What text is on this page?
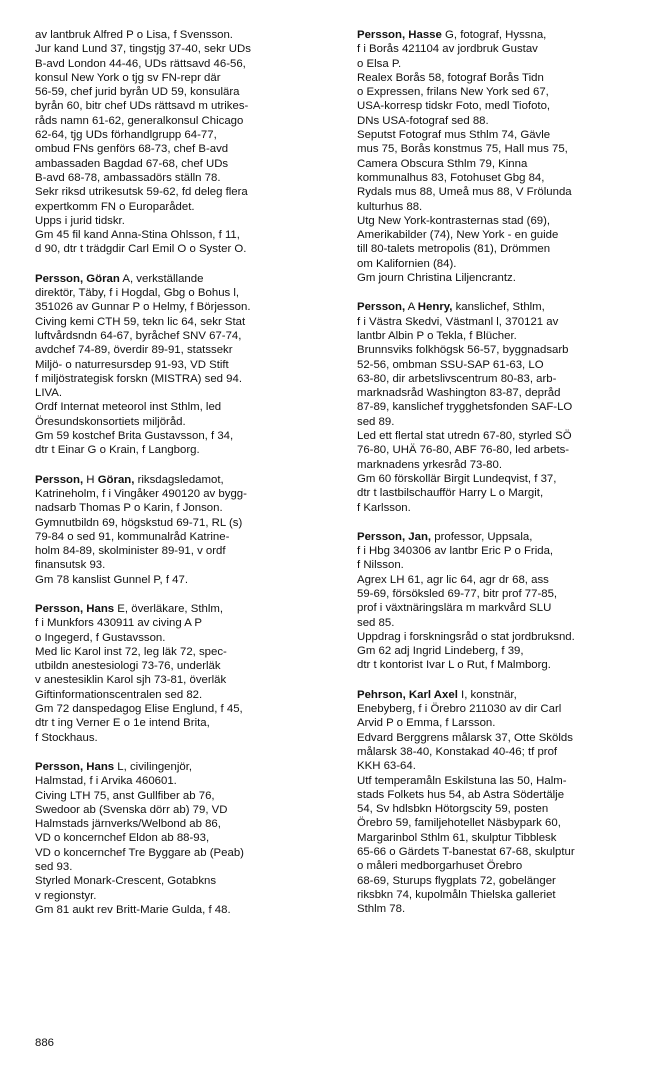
av lantbruk Alfred P o Lisa, f Svensson.
Jur kand Lund 37, tingstjg 37-40, sekr UDs
B-avd London 44-46, UDs rättsavd 46-56,
konsul New York o tjg sv FN-repr där
56-59, chef jurid byrån UD 59, konsulära
byrån 60, bitr chef UDs rättsavd m utrikes-
råds namn 61-62, generalkonsul Chicago
62-64, tjg UDs förhandlgrupp 64-77,
ombud FNs genförs 68-73, chef B-avd
ambassaden Bagdad 67-68, chef UDs
B-avd 68-78, ambassadörs ställn 78.
Sekr riksd utrikesutsk 59-62, fd deleg flera
expertkomm FN o Europarådet.
Upps i jurid tidskr.
Gm 45 fil kand Anna-Stina Ohlsson, f 11,
d 90, dtr t trädgdir Carl Emil O o Syster O.
Persson, Göran A, verkställande
direktör, Täby, f i Hogdal, Gbg o Bohus l,
351026 av Gunnar P o Helmy, f Börjesson.
Civing kemi CTH 59, tekn lic 64, sekr Stat
luftvårdsndn 64-67, byråchef SNV 67-74,
avdchef 74-89, överdir 89-91, statssekr
Miljö- o naturresursdep 91-93, VD Stift
f miljöstrategisk forskn (MISTRA) sed 94.
LIVA.
Ordf Internat meteorol inst Sthlm, led
Öresundskonsortiets miljöråd.
Gm 59 kostchef Brita Gustavsson, f 34,
dtr t Einar G o Krain, f Langborg.
Persson, H Göran, riksdagsledamot,
Katrineholm, f i Vingåker 490120 av bygg-
nadsarb Thomas P o Karin, f Jonson.
Gymnutbildn 69, högskstud 69-71, RL (s)
79-84 o sed 91, kommunalråd Katrine-
holm 84-89, skolminister 89-91, v ordf
finansutsk 93.
Gm 78 kanslist Gunnel P, f 47.
Persson, Hans E, överläkare, Sthlm,
f i Munkfors 430911 av civing A P
o Ingegerd, f Gustavsson.
Med lic Karol inst 72, leg läk 72, spec-
utbildn anestesiologi 73-76, underläk
v anestesiklin Karol sjh 73-81, överläk
Giftinformationscentralen sed 82.
Gm 72 danspedagog Elise Englund, f 45,
dtr t ing Verner E o 1e intend Brita,
f Stockhaus.
Persson, Hans L, civilingenjör,
Halmstad, f i Arvika 460601.
Civing LTH 75, anst Gullfiber ab 76,
Swedoor ab (Svenska dörr ab) 79, VD
Halmstads järnverks/Welbond ab 86,
VD o koncernchef Eldon ab 88-93,
VD o koncernchef Tre Byggare ab (Peab)
sed 93.
Styrled Monark-Crescent, Gotabkns
v regionstyr.
Gm 81 aukt rev Britt-Marie Gulda, f 48.
Persson, Hasse G, fotograf, Hyssna,
f i Borås 421104 av jordbruk Gustav
o Elsa P.
Realex Borås 58, fotograf Borås Tidn
o Expressen, frilans New York sed 67,
USA-korresp tidskr Foto, medl Tiofoto,
DNs USA-fotograf sed 88.
Seputst Fotograf mus Sthlm 74, Gävle
mus 75, Borås konstmus 75, Hall mus 75,
Camera Obscura Sthlm 79, Kinna
kommunalhus 83, Fotohuset Gbg 84,
Rydals mus 88, Umeå mus 88, V Frölunda
kulturhus 88.
Utg New York-kontrasternas stad (69),
Amerikabilder (74), New York - en guide
till 80-talets metropolis (81), Drömmen
om Kalifornien (84).
Gm journ Christina Liljencrantz.
Persson, A Henry, kanslichef, Sthlm,
f i Västra Skedvi, Västmanl l, 370121 av
lantbr Albin P o Tekla, f Blücher.
Brunnsviks folkhögsk 56-57, byggnadsarb
52-56, ombman SSU-SAP 61-63, LO
63-80, dir arbetslivscentrum 80-83, arb-
marknadsråd Washington 83-87, depråd
87-89, kanslichef trygghetsfonden SAF-LO
sed 89.
Led ett flertal stat utredn 67-80, styrled SÖ
76-80, UHÄ 76-80, ABF 76-80, led arbets-
marknadens yrkesråd 73-80.
Gm 60 förskollär Birgit Lundeqvist, f 37,
dtr t lastbilschaufför Harry L o Margit,
f Karlsson.
Persson, Jan, professor, Uppsala,
f i Hbg 340306 av lantbr Eric P o Frida,
f Nilsson.
Agrex LH 61, agr lic 64, agr dr 68, ass
59-69, försöksled 69-77, bitr prof 77-85,
prof i växtnäringslära m markvård SLU
sed 85.
Uppdrag i forskningsråd o stat jordbruksnd.
Gm 62 adj Ingrid Lindeberg, f 39,
dtr t kontorist Ivar L o Rut, f Malmborg.
Pehrson, Karl Axel I, konstnär,
Enebyberg, f i Örebro 211030 av dir Carl
Arvid P o Emma, f Larsson.
Edvard Berggrens målarsk 37, Otte Skölds
målarsk 38-40, Konstakad 40-46; tf prof
KKH 63-64.
Utf temperamåln Eskilstuna las 50, Halm-
stads Folkets hus 54, ab Astra Södertälje
54, Sv hdlsbkn Hötorgscity 59, posten
Örebro 59, familjehotellet Näsbypark 60,
Margarinbol Sthlm 61, skulptur Tibblesk
65-66 o Gärdets T-banestat 67-68, skulptur
o måleri medborgarhuset Örebro
68-69, Sturups flygplats 72, gobelänger
riksbkn 74, kupolmåln Thielska galleriet
Sthlm 78.
886
